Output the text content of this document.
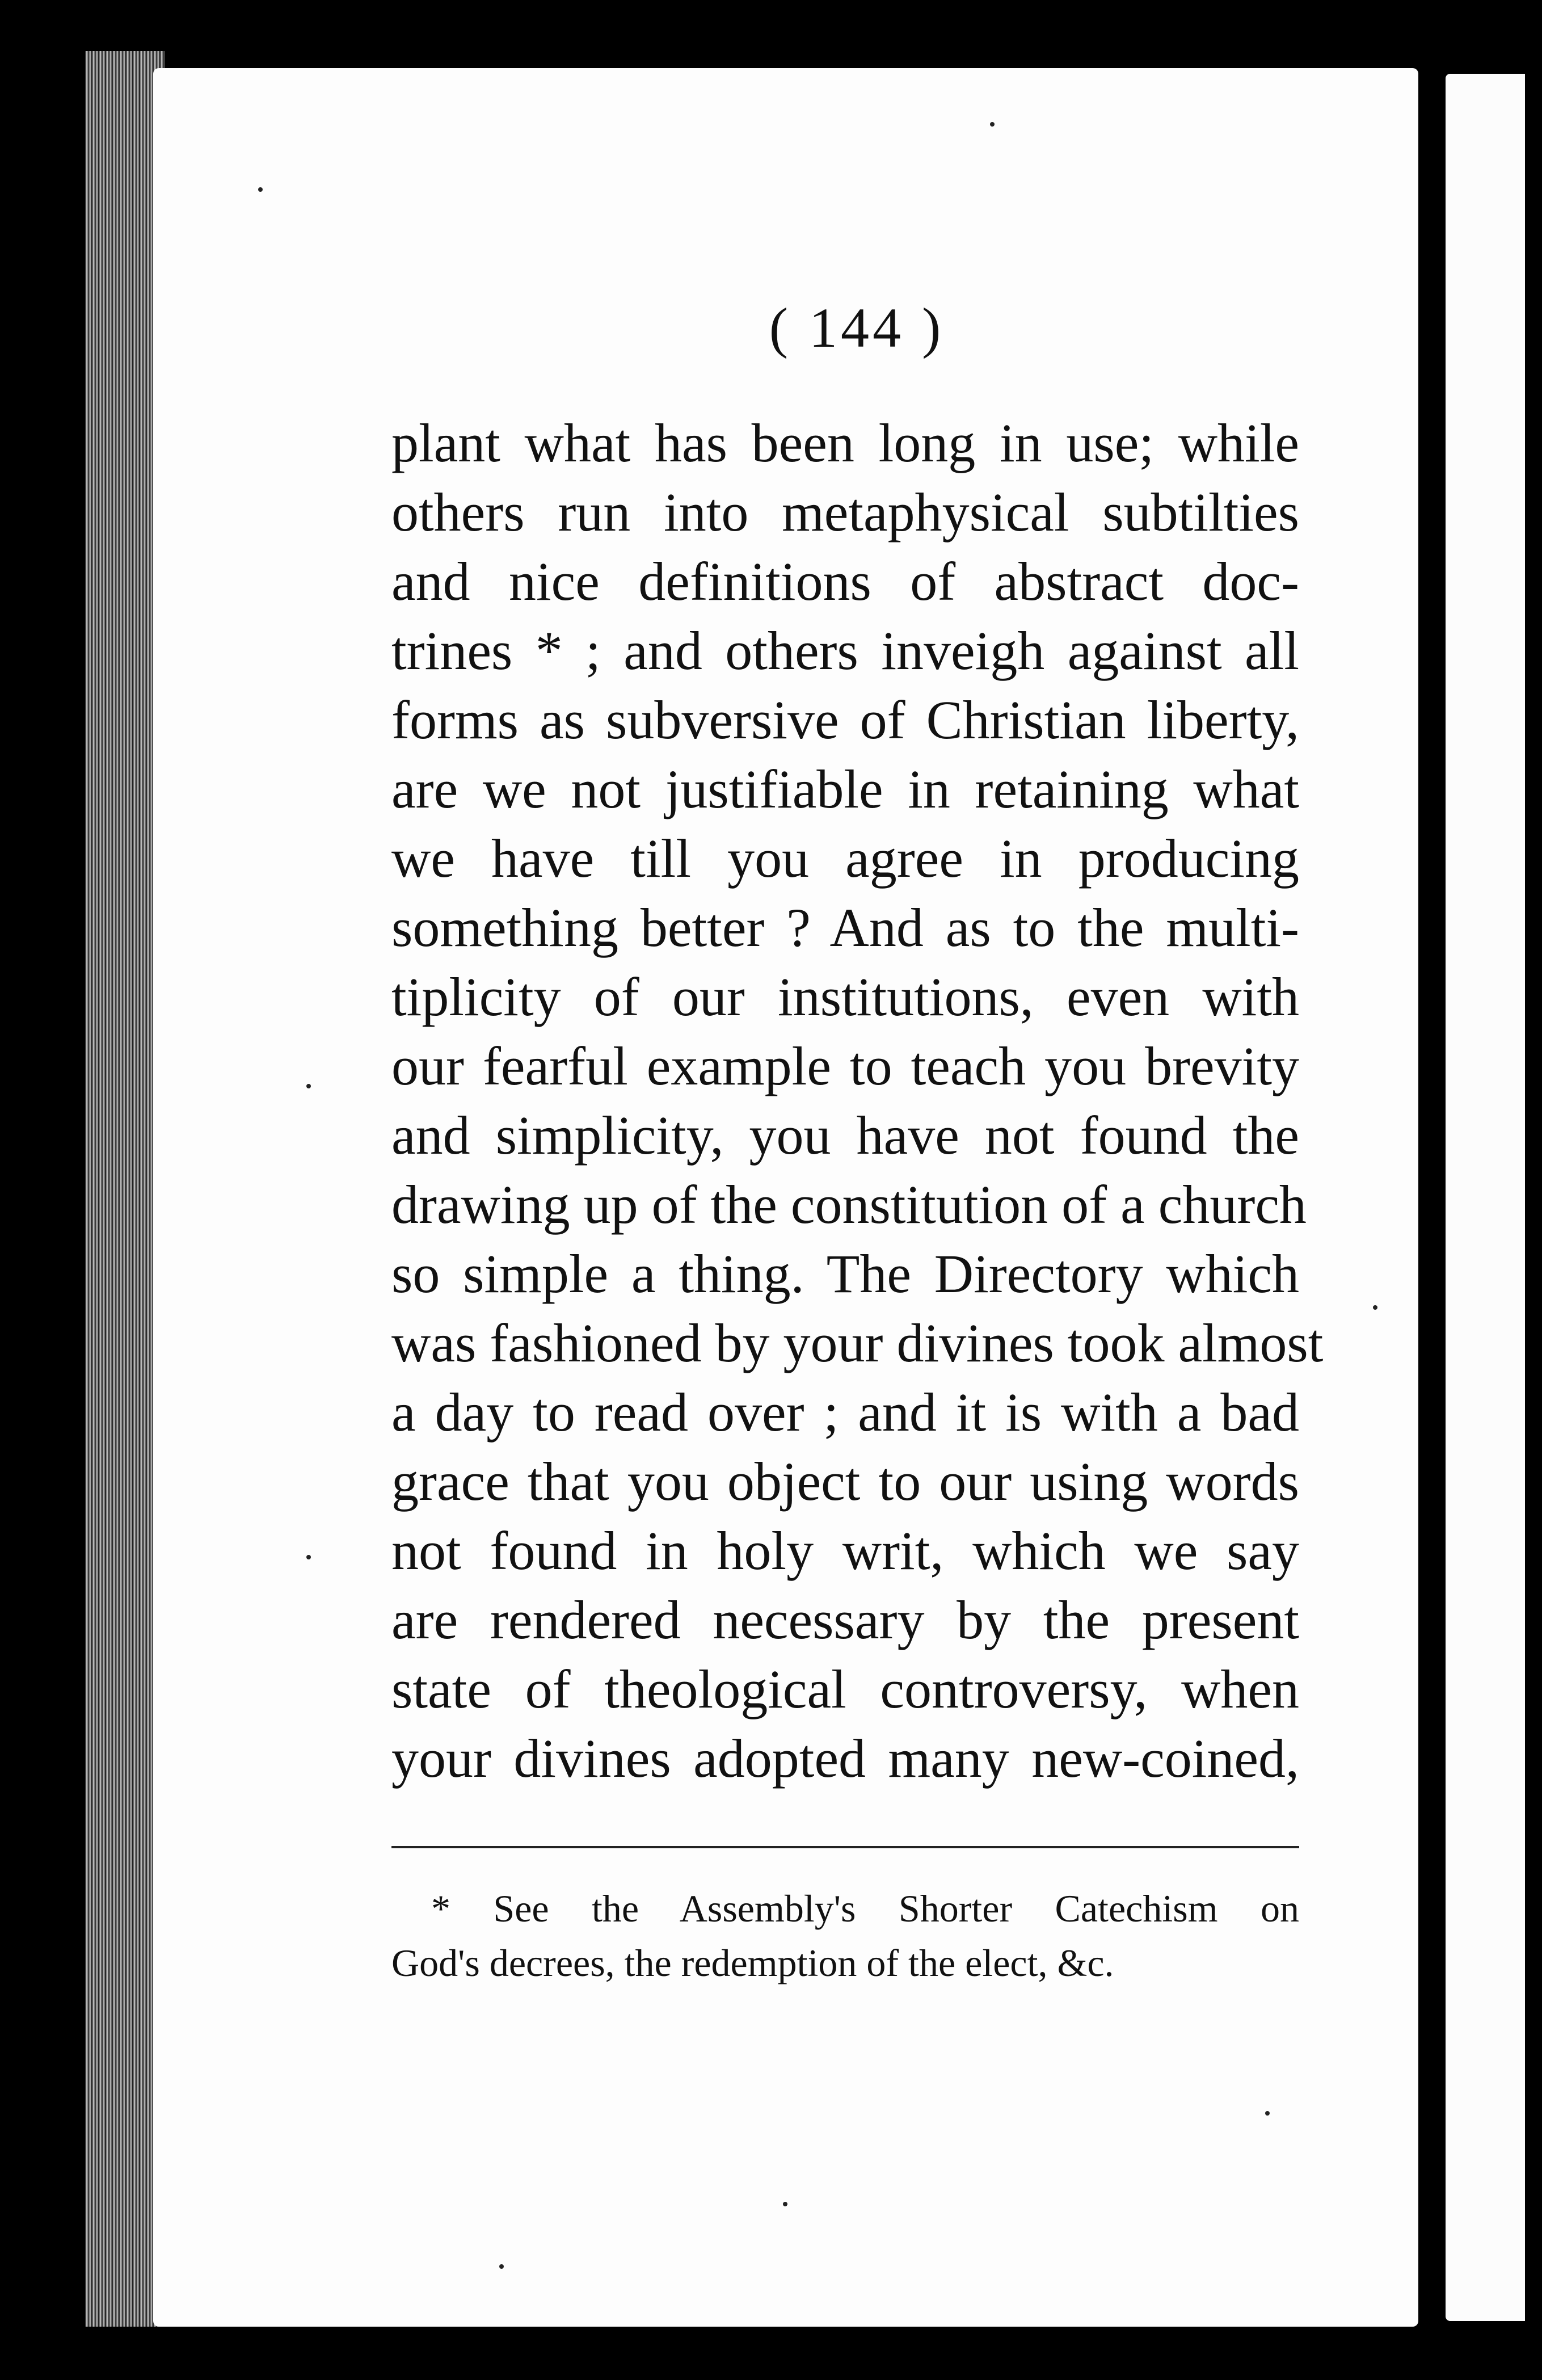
( 144 )
plant what has been long in use; while
others run into metaphysical subtilties
and nice definitions of abstract doc-
trines * ; and others inveigh against all
forms as subversive of Christian liberty,
are we not justifiable in retaining what
we have till you agree in producing
something better ? And as to the multi-
tiplicity of our institutions, even with
our fearful example to teach you brevity
and simplicity, you have not found the
drawing up of the constitution of a church
so simple a thing. The Directory which
was fashioned by your divines took almost
a day to read over ; and it is with a bad
grace that you object to our using words
not found in holy writ, which we say
are rendered necessary by the present
state of theological controversy, when
your divines adopted many new-coined,
* See the Assembly's Shorter Catechism on
God's decrees, the redemption of the elect, &c.
